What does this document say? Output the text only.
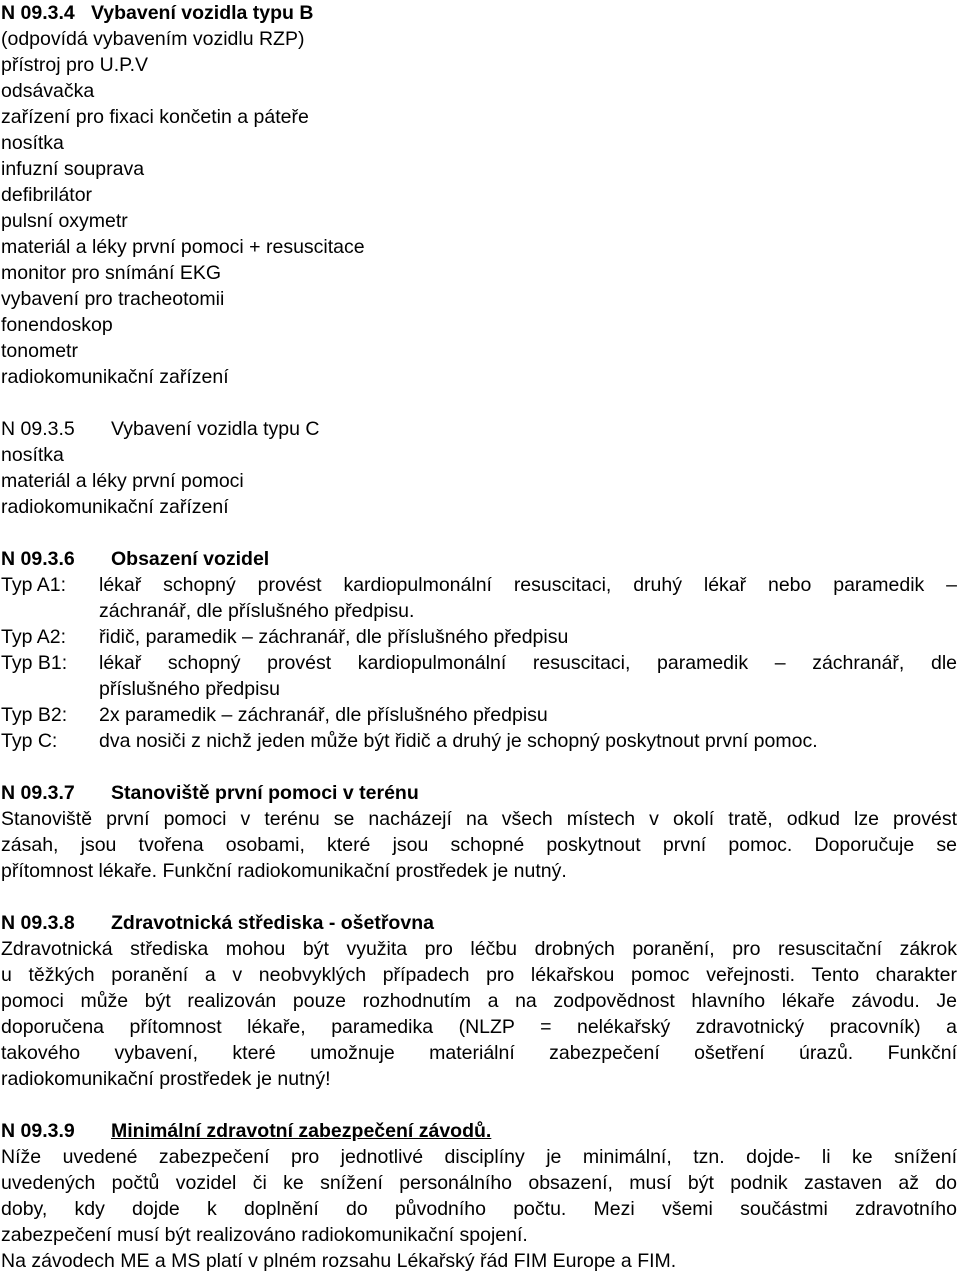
N 09.3.4   Vybavení vozidla typu B

(odpovídá vybavením vozidlu RZP)

přístroj pro U.P.V

odsávačka

zařízení pro fixaci končetin a páteře

nosítka

infuzní souprava

defibrilátor

pulsní oxymetr

materiál a léky první pomoci + resuscitace

monitor pro snímání EKG

vybavení pro tracheotomii

fonendoskop

tonometr

radiokomunikační zařízení

N 09.3.5 Vybavení vozidla typu C

nosítka

materiál a léky první pomoci

radiokomunikační zařízení

N 09.3.6 Obsazení vozidel

Typ A1:	lékař schopný provést kardiopulmonální resuscitaci, druhý lékař nebo paramedik –
záchranář, dle příslušného předpisu.
Typ A2:	řidič, paramedik – záchranář, dle příslušného předpisu
Typ B1:	lékař schopný provést kardiopulmonální resuscitaci, paramedik – záchranář, dle
příslušného předpisu
Typ B2:	2x paramedik – záchranář, dle příslušného předpisu
Typ C:	dva nosiči z nichž jeden může být řidič a druhý je schopný poskytnout první pomoc.

N 09.3.7 Stanoviště první pomoci v terénu

Stanoviště první pomoci v terénu se nacházejí na všech místech v okolí tratě, odkud lze provést
zásah, jsou tvořena osobami, které jsou schopné poskytnout první pomoc. Doporučuje se
přítomnost lékaře. Funkční radiokomunikační prostředek je nutný.

N 09.3.8 Zdravotnická střediska - ošetřovna

Zdravotnická střediska mohou být využita pro léčbu drobných poranění, pro resuscitační zákrok
u těžkých poranění a v neobvyklých případech pro lékařskou pomoc veřejnosti. Tento charakter
pomoci může být realizován pouze rozhodnutím a na zodpovědnost hlavního lékaře závodu. Je
doporučena přítomnost lékaře, paramedika (NLZP = nelékařský zdravotnický pracovník) a
takového vybavení, které umožnuje materiální zabezpečení ošetření úrazů. Funkční
radiokomunikační prostředek je nutný!

N 09.3.9 Minimální zdravotní zabezpečení závodů.

Níže uvedené zabezpečení pro jednotlivé disciplíny je minimální, tzn. dojde- li ke snížení
uvedených počtů vozidel či ke snížení personálního obsazení, musí být podnik zastaven až do
doby, kdy dojde k doplnění do původního počtu. Mezi všemi součástmi zdravotního
zabezpečení musí být realizováno radiokomunikační spojení.

Na závodech ME a MS platí v plném rozsahu Lékařský řád FIM Europe a FIM.
